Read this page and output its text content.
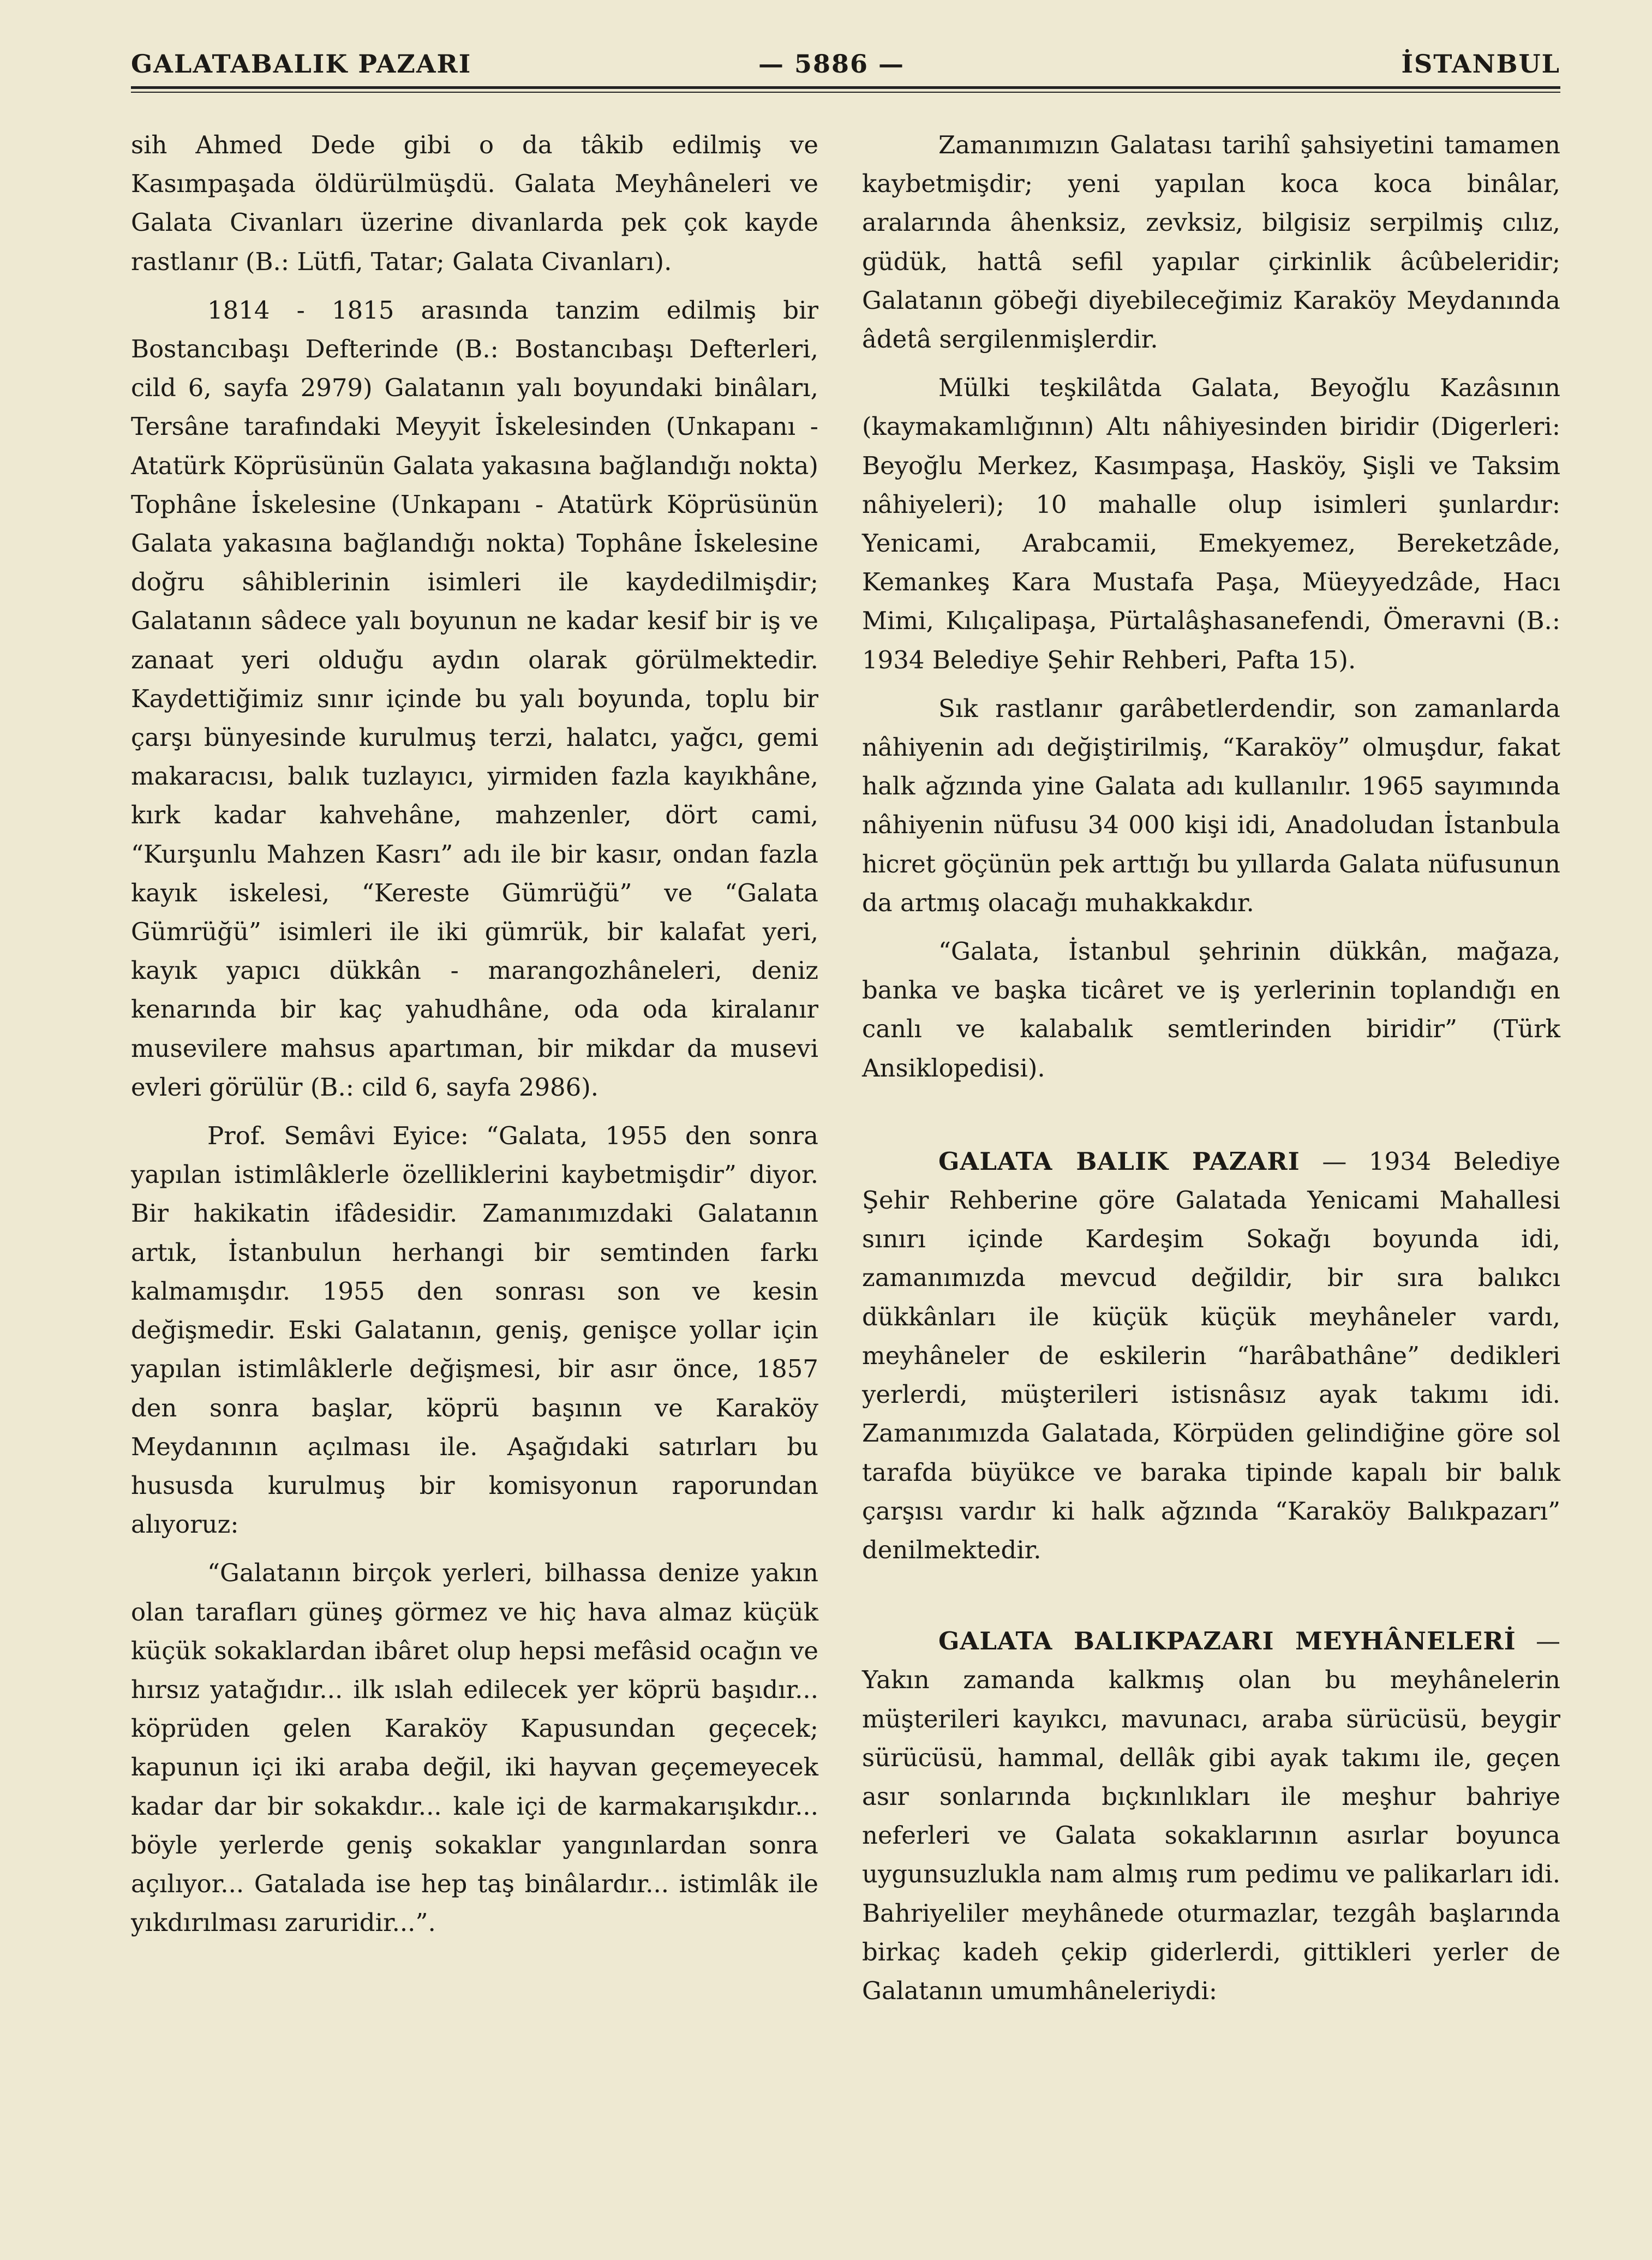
GALATABALIK PAZARI	— 5886 —	İSTANBUL

sih Ahmed Dede gibi o da tâkib edilmiş ve Kasımpaşada öldürülmüşdü. Galata Meyhâneleri ve Galata Civanları üzerine divanlarda pek çok kayde rastlanır (B.: Lütfi, Tatar; Galata Civanları).

1814 - 1815 arasında tanzim edilmiş bir Bostancıbaşı Defterinde (B.: Bostancıbaşı Defterleri, cild 6, sayfa 2979) Galatanın yalı boyundaki binâları, Tersâne tarafındaki Meyyit İskelesinden (Unkapanı - Atatürk Köprüsünün Galata yakasına bağlandığı nokta) Tophâne İskelesine (Unkapanı - Atatürk Köprüsünün Galata yakasına bağlandığı nokta) Tophâne İskelesine doğru sâhiblerinin isimleri ile kaydedilmişdir; Galatanın sâdece yalı boyunun ne kadar kesif bir iş ve zanaat yeri olduğu aydın olarak görülmektedir. Kaydettiğimiz sınır içinde bu yalı boyunda, toplu bir çarşı bünyesinde kurulmuş terzi, halatcı, yağcı, gemi makaracısı, balık tuzlayıcı, yirmiden fazla kayıkhâne, kırk kadar kahvehâne, mahzenler, dört cami, “Kurşunlu Mahzen Kasrı” adı ile bir kasır, ondan fazla kayık iskelesi, “Kereste Gümrüğü” ve “Galata Gümrüğü” isimleri ile iki gümrük, bir kalafat yeri, kayık yapıcı dükkân - marangozhâneleri, deniz kenarında bir kaç yahudhâne, oda oda kiralanır musevilere mahsus apartıman, bir mikdar da musevi evleri görülür (B.: cild 6, sayfa 2986).

Prof. Semâvi Eyice: “Galata, 1955 den sonra yapılan istimlâklerle özelliklerini kaybetmişdir” diyor. Bir hakikatin ifâdesidir. Zamanımızdaki Galatanın artık, İstanbulun herhangi bir semtinden farkı kalmamışdır. 1955 den sonrası son ve kesin değişmedir. Eski Galatanın, geniş, genişce yollar için yapılan istimlâklerle değişmesi, bir asır önce, 1857 den sonra başlar, köprü başının ve Karaköy Meydanının açılması ile. Aşağıdaki satırları bu hususda kurulmuş bir komisyonun raporundan alıyoruz:

“Galatanın birçok yerleri, bilhassa denize yakın olan tarafları güneş görmez ve hiç hava almaz küçük küçük sokaklardan ibâret olup hepsi mefâsid ocağın ve hırsız yatağıdır... ilk ıslah edilecek yer köprü başıdır... köprüden gelen Karaköy Kapusundan geçecek; kapunun içi iki araba değil, iki hayvan geçemeyecek kadar dar bir sokakdır... kale içi de karmakarışıkdır... böyle yerlerde geniş sokaklar yangınlardan sonra açılıyor... Gatalada ise hep taş binâlardır... istimlâk ile yıkdırılması zaruridir...”.

Zamanımızın Galatası tarihî şahsiyetini tamamen kaybetmişdir; yeni yapılan koca koca binâlar, aralarında âhenksiz, zevksiz, bilgisiz serpilmiş cılız, güdük, hattâ sefil yapılar çirkinlik âcûbeleridir; Galatanın göbeği diyebileceğimiz Karaköy Meydanında âdetâ sergilenmişlerdir.

Mülki teşkilâtda Galata, Beyoğlu Kazâsının (kaymakamlığının) Altı nâhiyesinden biridir (Digerleri: Beyoğlu Merkez, Kasımpaşa, Hasköy, Şişli ve Taksim nâhiyeleri); 10 mahalle olup isimleri şunlardır: Yenicami, Arabcamii, Emekyemez, Bereketzâde, Kemankeş Kara Mustafa Paşa, Müeyyedzâde, Hacı Mimi, Kılıçalipaşa, Pürtalâşhasanefendi, Ömeravni (B.: 1934 Belediye Şehir Rehberi, Pafta 15).

Sık rastlanır garâbetlerdendir, son zamanlarda nâhiyenin adı değiştirilmiş, “Karaköy” olmuşdur, fakat halk ağzında yine Galata adı kullanılır. 1965 sayımında nâhiyenin nüfusu 34 000 kişi idi, Anadoludan İstanbula hicret göçünün pek arttığı bu yıllarda Galata nüfusunun da artmış olacağı muhakkakdır.

“Galata, İstanbul şehrinin dükkân, mağaza, banka ve başka ticâret ve iş yerlerinin toplandığı en canlı ve kalabalık semtlerinden biridir” (Türk Ansiklopedisi).

GALATA BALIK PAZARI — 1934 Belediye Şehir Rehberine göre Galatada Yenicami Mahallesi sınırı içinde Kardeşim Sokağı boyunda idi, zamanımızda mevcud değildir, bir sıra balıkcı dükkânları ile küçük küçük meyhâneler vardı, meyhâneler de eskilerin “harâbathâne” dedikleri yerlerdi, müşterileri istisnâsız ayak takımı idi. Zamanımızda Galatada, Körpüden gelindiğine göre sol tarafda büyükce ve baraka tipinde kapalı bir balık çarşısı vardır ki halk ağzında “Karaköy Balıkpazarı” denilmektedir.

GALATA BALIKPAZARI MEYHÂNELERİ — Yakın zamanda kalkmış olan bu meyhânelerin müşterileri kayıkcı, mavunacı, araba sürücüsü, beygir sürücüsü, hammal, dellâk gibi ayak takımı ile, geçen asır sonlarında bıçkınlıkları ile meşhur bahriye neferleri ve Galata sokaklarının asırlar boyunca uygunsuzlukla nam almış rum pedimu ve palikarları idi. Bahriyeliler meyhânede oturmazlar, tezgâh başlarında birkaç kadeh çekip giderlerdi, gittikleri yerler de Galatanın umumhâneleriydi:
